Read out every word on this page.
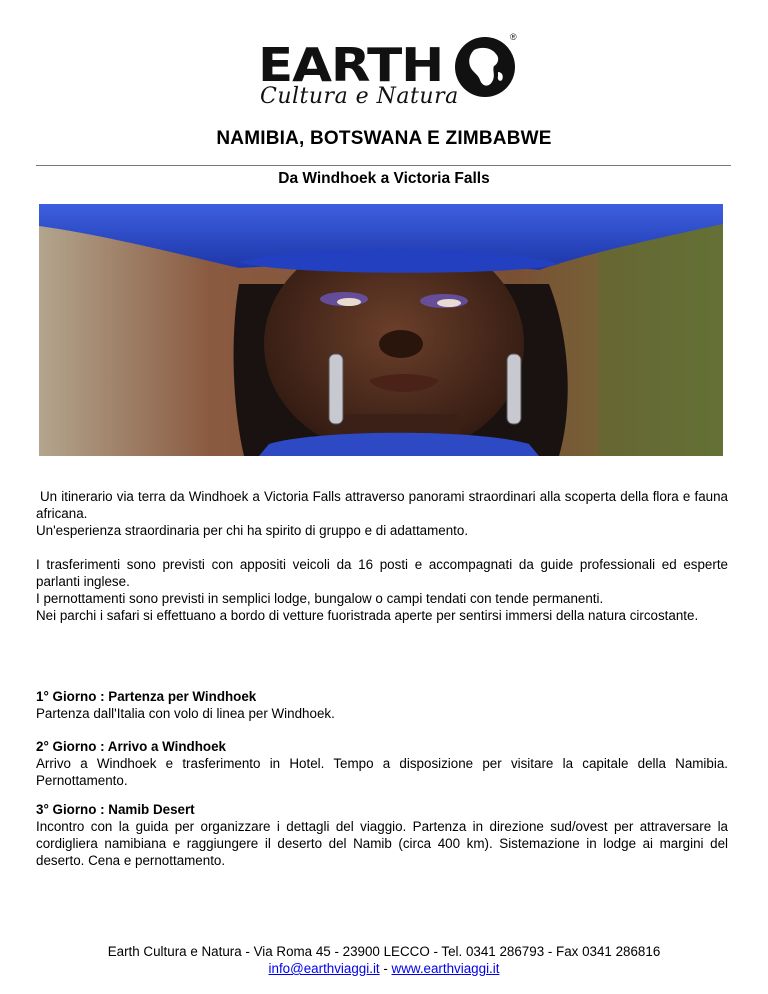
EARTH
®
Cultura e Natura
NAMIBIA, BOTSWANA E ZIMBABWE
Da Windhoek a Victoria Falls

Un itinerario via terra da Windhoek a Victoria Falls attraverso panorami straordinari alla scoperta della flora e fauna africana.

Un'esperienza straordinaria per chi ha spirito di gruppo e di adattamento.

I trasferimenti sono previsti con appositi veicoli da 16 posti e accompagnati da guide professionali ed esperte parlanti inglese.

I pernottamenti sono previsti in semplici lodge, bungalow o campi tendati con tende permanenti.

Nei parchi i safari si effettuano a bordo di vetture fuoristrada aperte per sentirsi immersi della natura circostante.

1° Giorno : Partenza per Windhoek

Partenza dall'Italia con volo di linea per Windhoek.

2° Giorno : Arrivo a Windhoek

Arrivo a Windhoek e trasferimento in Hotel. Tempo a disposizione per visitare la capitale della Namibia. Pernottamento.

3° Giorno : Namib Desert

Incontro con la guida per organizzare i dettagli del viaggio. Partenza in direzione sud/ovest per attraversare la cordigliera namibiana e raggiungere il deserto del Namib (circa 400 km). Sistemazione in lodge ai margini del deserto. Cena e pernottamento.

Earth Cultura e Natura - Via Roma 45 - 23900 LECCO - Tel. 0341 286793 - Fax 0341 286816
info@earthviaggi.it - www.earthviaggi.it
